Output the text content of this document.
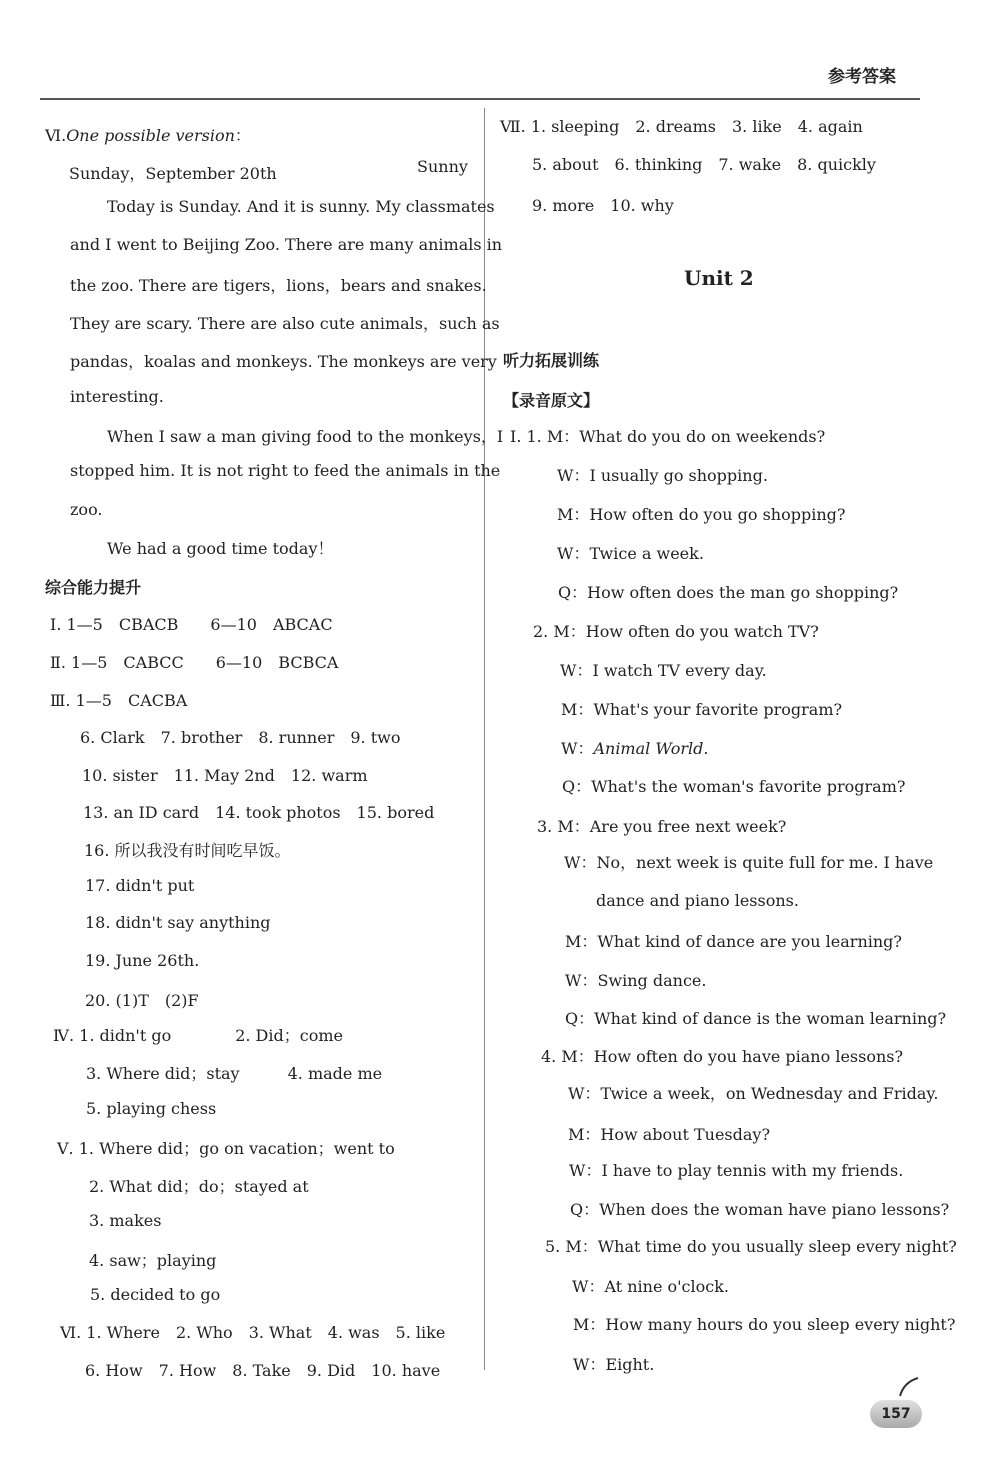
参考答案
Ⅵ.One possible version：
Sunday，September 20th	Sunny
Today is Sunday. And it is sunny. My classmates
and I went to Beijing Zoo. There are many animals in
the zoo. There are tigers，lions，bears and snakes.
They are scary. There are also cute animals，such as
pandas，koalas and monkeys. The monkeys are very
interesting.
When I saw a man giving food to the monkeys，I
stopped him. It is not right to feed the animals in the
zoo.
We had a good time today！
综合能力提升
Ⅰ. 1—5　CBACB　　6—10　ABCAC
Ⅱ. 1—5　CABCC　　6—10　BCBCA
Ⅲ. 1—5　CACBA
6. Clark　7. brother　8. runner　9. two
10. sister　11. May 2nd　12. warm
13. an ID card　14. took photos　15. bored
16. 所以我没有时间吃早饭。
17. didn't put
18. didn't say anything
19. June 26th.
20. (1)T　(2)F
Ⅳ. 1. didn't go　　　　2. Did；come
3. Where did；stay　　　4. made me
5. playing chess
Ⅴ. 1. Where did；go on vacation；went to
2. What did；do；stayed at
3. makes
4. saw；playing
5. decided to go
Ⅵ. 1. Where　2. Who　3. What　4. was　5. like
6. How　7. How　8. Take　9. Did　10. have
Ⅶ. 1. sleeping　2. dreams　3. like　4. again
5. about　6. thinking　7. wake　8. quickly
9. more　10. why
Unit 2
听力拓展训练
【录音原文】
Ⅰ. 1. M：What do you do on weekends?
W：I usually go shopping.
M：How often do you go shopping?
W：Twice a week.
Q：How often does the man go shopping?
2. M：How often do you watch TV?
W：I watch TV every day.
M：What's your favorite program?
W：Animal World.
Q：What's the woman's favorite program?
3. M：Are you free next week?
W：No，next week is quite full for me. I have
dance and piano lessons.
M：What kind of dance are you learning?
W：Swing dance.
Q：What kind of dance is the woman learning?
4. M：How often do you have piano lessons?
W：Twice a week，on Wednesday and Friday.
M：How about Tuesday?
W：I have to play tennis with my friends.
Q：When does the woman have piano lessons?
5. M：What time do you usually sleep every night?
W：At nine o'clock.
M：How many hours do you sleep every night?
W：Eight.
157
